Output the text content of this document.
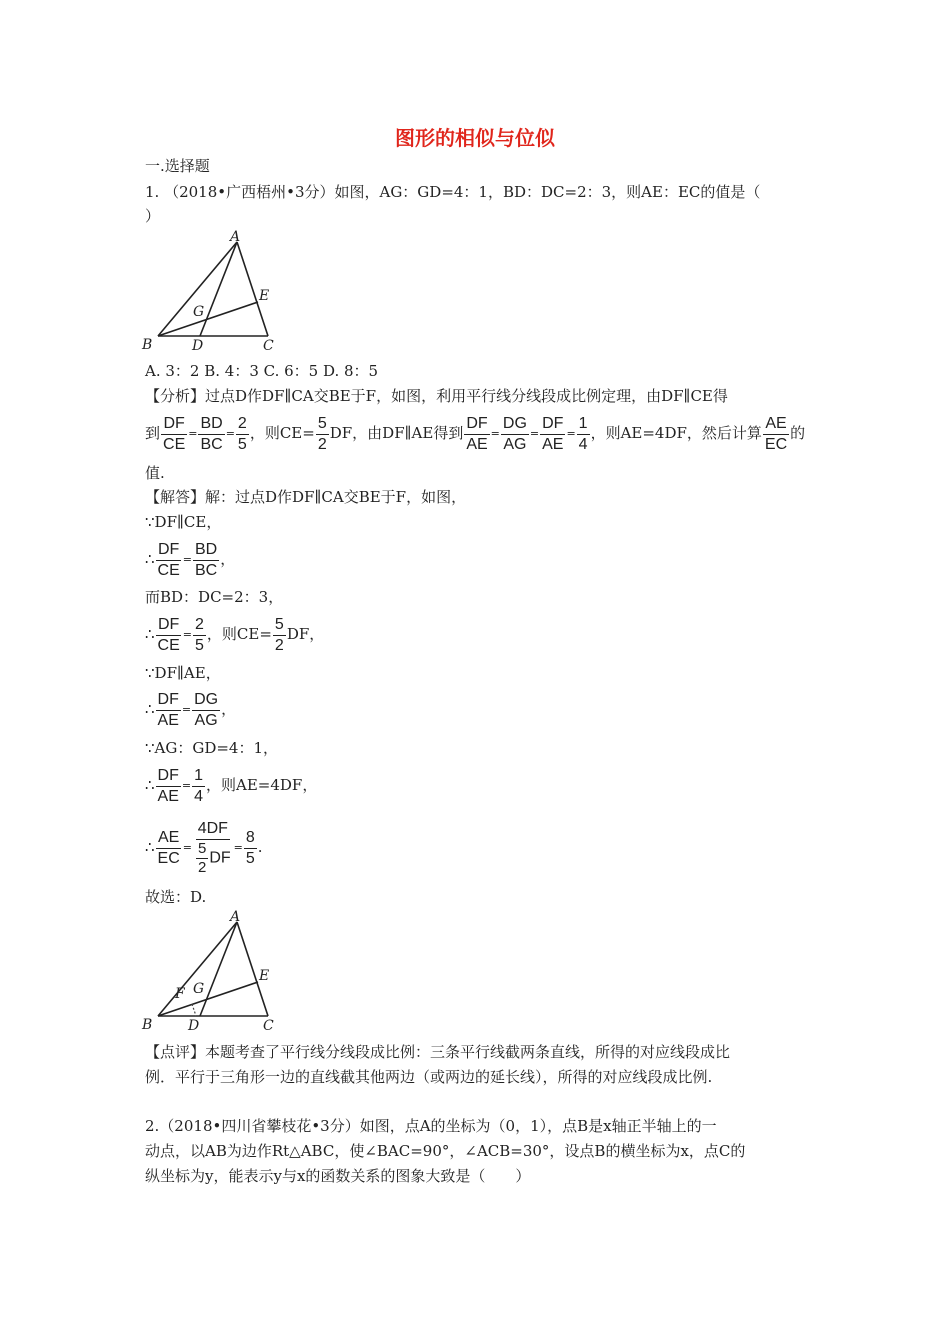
图形的相似与位似
一.选择题
1. （2018•广西梧州•3分）如图，AG：GD=4：1，BD：DC=2：3，则AE：EC的值是（
）
A
E
G
B	D	C
A. 3：2 B. 4：3 C. 6：5 D. 8：5
【分析】过点D作DF∥CA交BE于F，如图，利用平行线分线段成比例定理，由DF∥CE得
到 $\frac{DF}{CE} = \frac{BD}{BC} = \frac{2}{5}$ ，则$CE= \frac{5}{2}$ DF，由DF∥AE得到 $\frac{DF}{AE} = \frac{DG}{AG} = \frac{DF}{AE} = \frac{1}{4}$ ，则AE=4DF，然后计算 $\frac{AE}{EC}$ 的
值.
【解答】解：过点D作DF∥CA交BE于F，如图，
∵DF∥CE，
∴ $\frac{DF}{CE} = \frac{BD}{BC}$ ，
而BD：DC=2：3，
∴ $\frac{DF}{CE} = \frac{2}{5}$ ，则$CE= \frac{5}{2}$ DF，
∵DF∥AE，
∴ $\frac{DF}{AE} = \frac{DG}{AG}$ ，
∵AG：GD=4：1，
∴ $\frac{DF}{AE} = \frac{1}{4}$ ，则AE=4DF，
∴ $\frac{AE}{EC} = \frac{4DF}{\frac{5}{2} DF} = \frac{8}{5}$ .
故选：D.
A
E
F G
B	D	C
【点评】本题考查了平行线分线段成比例：三条平行线截两条直线，所得的对应线段成比
例．平行于三角形一边的直线截其他两边（或两边的延长线），所得的对应线段成比例.
2.（2018•四川省攀枝花•3分）如图，点A的坐标为（0，1），点B是x轴正半轴上的一
动点，以AB为边作Rt△ABC，使∠BAC=90°，∠ACB=30°，设点B的横坐标为x，点C的
纵坐标为y，能表示y与x的函数关系的图象大致是（　　）
